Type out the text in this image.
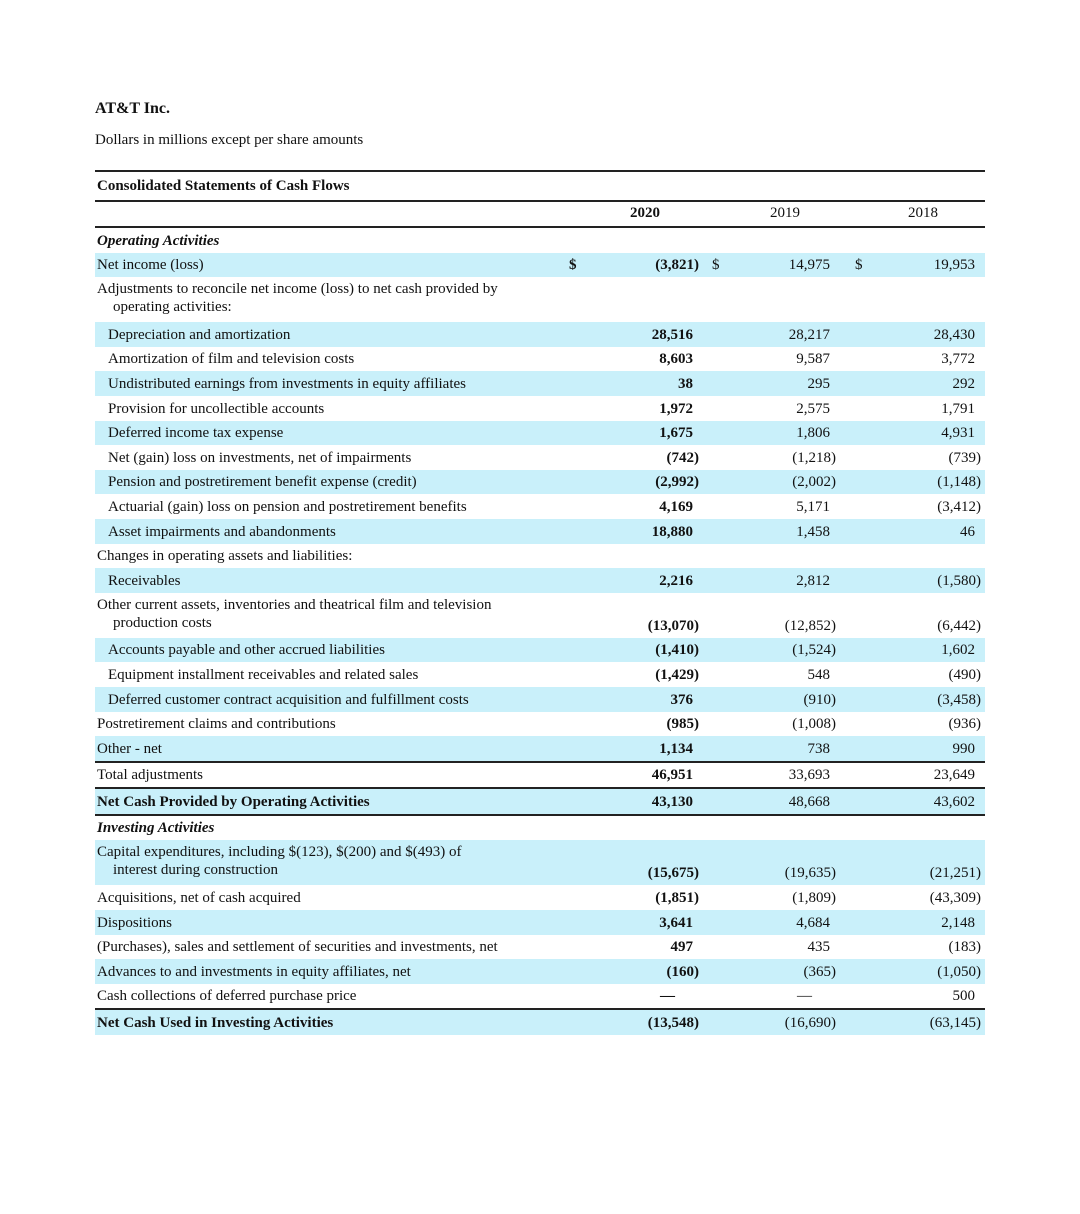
AT&T Inc.
Dollars in millions except per share amounts
Consolidated Statements of Cash Flows
2020	2019	2018
Operating Activities
Net income (loss)	(3,821)	14,975	19,953
$	$	$
Adjustments to reconcile net income (loss) to net cash provided by
operating activities:
Depreciation and amortization	28,516	28,217	28,430
Amortization of film and television costs	8,603	9,587	3,772
Undistributed earnings from investments in equity affiliates	38	295	292
Provision for uncollectible accounts	1,972	2,575	1,791
Deferred income tax expense	1,675	1,806	4,931
Net (gain) loss on investments, net of impairments	(742)	(1,218)	(739)
Pension and postretirement benefit expense (credit)	(2,992)	(2,002)	(1,148)
Actuarial (gain) loss on pension and postretirement benefits	4,169	5,171	(3,412)
Asset impairments and abandonments	18,880	1,458	46
Changes in operating assets and liabilities:
Receivables	2,216	2,812	(1,580)
Other current assets, inventories and theatrical film and television
production costs	(13,070)	(12,852)	(6,442)
Accounts payable and other accrued liabilities	(1,410)	(1,524)	1,602
Equipment installment receivables and related sales	(1,429)	548	(490)
Deferred customer contract acquisition and fulfillment costs	376	(910)	(3,458)
Postretirement claims and contributions	(985)	(1,008)	(936)
Other - net	1,134	738	990
Total adjustments	46,951	33,693	23,649
Net Cash Provided by Operating Activities	43,130	48,668	43,602
Investing Activities
Capital expenditures, including $(123), $(200) and $(493) of
interest during construction	(15,675)	(19,635)	(21,251)
Acquisitions, net of cash acquired	(1,851)	(1,809)	(43,309)
Dispositions	3,641	4,684	2,148
(Purchases), sales and settlement of securities and investments, net	497	435	(183)
Advances to and investments in equity affiliates, net	(160)	(365)	(1,050)
Cash collections of deferred purchase price	—	—	500
Net Cash Used in Investing Activities	(13,548)	(16,690)	(63,145)
